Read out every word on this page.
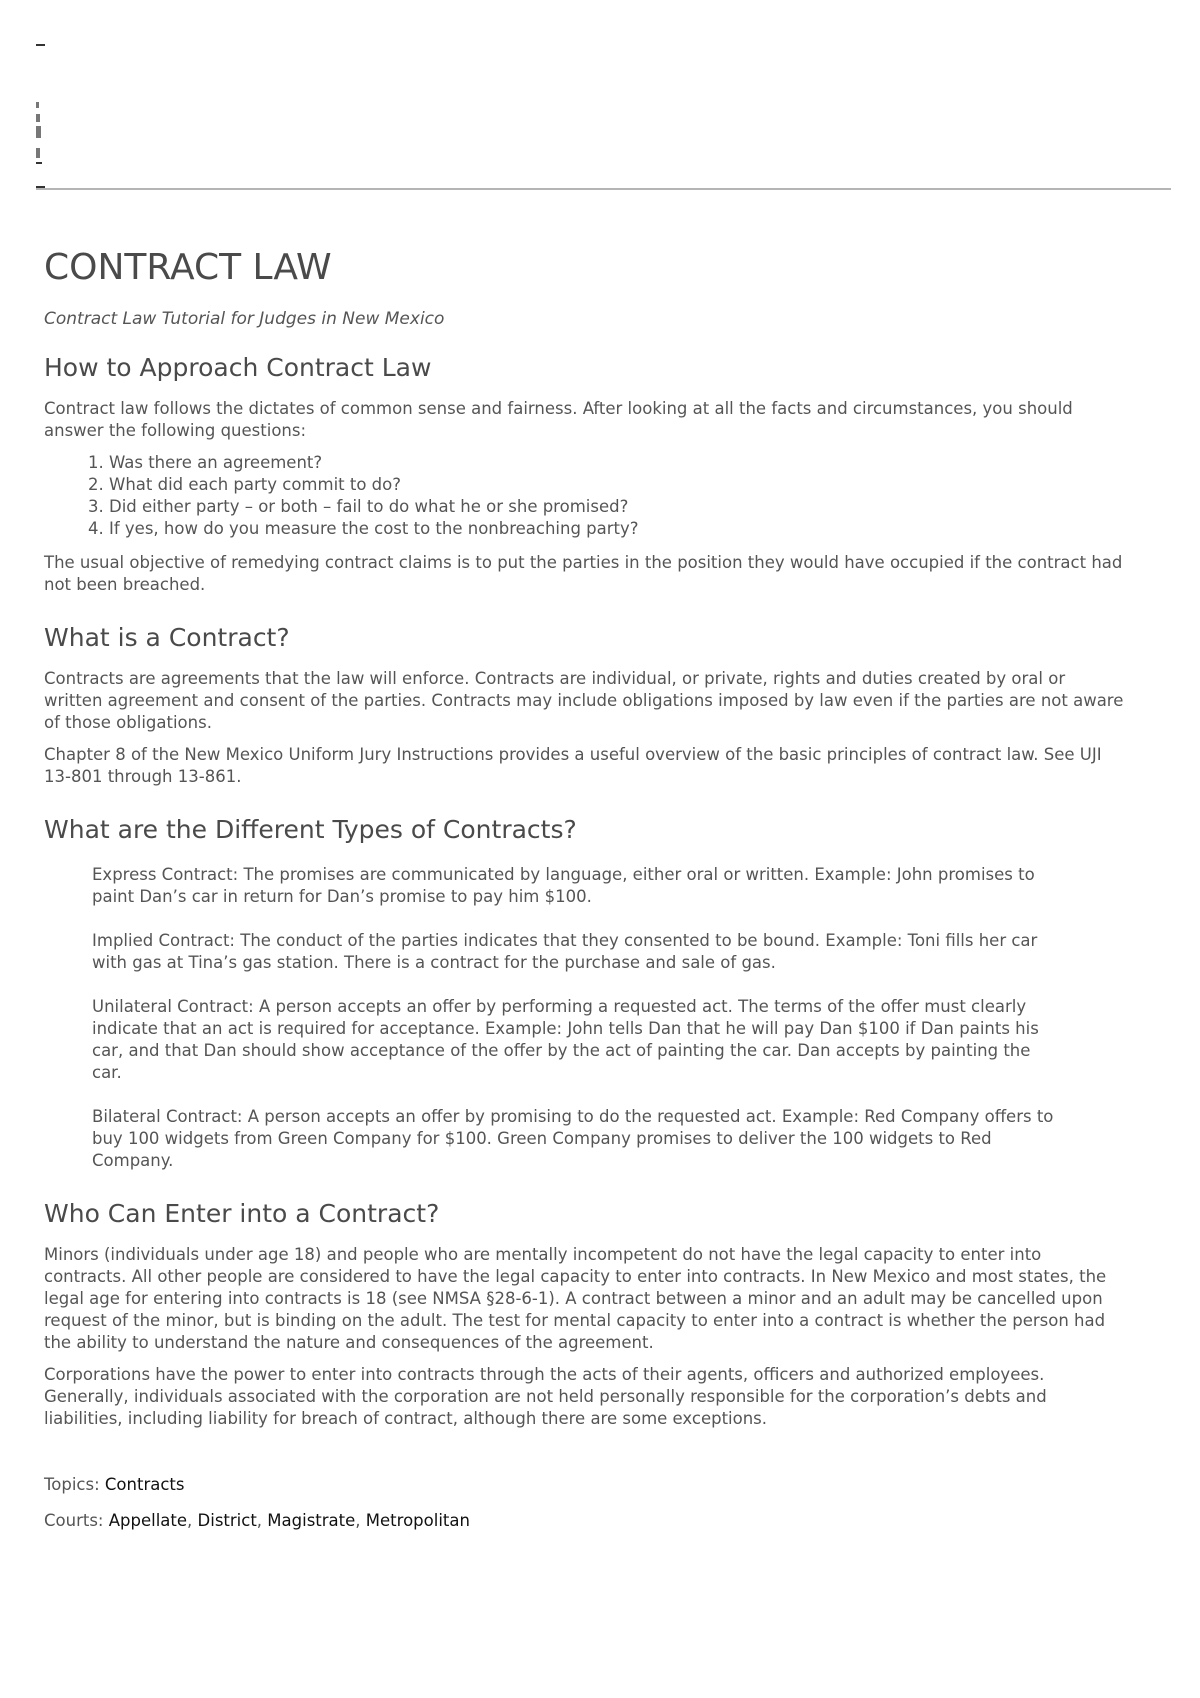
CONTRACT LAW
Contract Law Tutorial for Judges in New Mexico
How to Approach Contract Law

Contract law follows the dictates of common sense and fairness. After looking at all the facts and circumstances, you should answer the following questions:

1. Was there an agreement?
2. What did each party commit to do?
3. Did either party – or both – fail to do what he or she promised?
4. If yes, how do you measure the cost to the nonbreaching party?

The usual objective of remedying contract claims is to put the parties in the position they would have occupied if the contract had not been breached.

What is a Contract?

Contracts are agreements that the law will enforce. Contracts are individual, or private, rights and duties created by oral or written agreement and consent of the parties. Contracts may include obligations imposed by law even if the parties are not aware of those obligations.

Chapter 8 of the New Mexico Uniform Jury Instructions provides a useful overview of the basic principles of contract law. See UJI 13-801 through 13-861.

What are the Different Types of Contracts?

Express Contract: The promises are communicated by language, either oral or written. Example: John promises to paint Dan’s car in return for Dan’s promise to pay him $100.

Implied Contract: The conduct of the parties indicates that they consented to be bound. Example: Toni fills her car with gas at Tina’s gas station. There is a contract for the purchase and sale of gas.

Unilateral Contract: A person accepts an offer by performing a requested act. The terms of the offer must clearly indicate that an act is required for acceptance. Example: John tells Dan that he will pay Dan $100 if Dan paints his car, and that Dan should show acceptance of the offer by the act of painting the car. Dan accepts by painting the car.

Bilateral Contract: A person accepts an offer by promising to do the requested act. Example: Red Company offers to buy 100 widgets from Green Company for $100. Green Company promises to deliver the 100 widgets to Red Company.

Who Can Enter into a Contract?

Minors (individuals under age 18) and people who are mentally incompetent do not have the legal capacity to enter into contracts. All other people are considered to have the legal capacity to enter into contracts. In New Mexico and most states, the legal age for entering into contracts is 18 (see NMSA §28-6-1). A contract between a minor and an adult may be cancelled upon request of the minor, but is binding on the adult. The test for mental capacity to enter into a contract is whether the person had the ability to understand the nature and consequences of the agreement.

Corporations have the power to enter into contracts through the acts of their agents, officers and authorized employees. Generally, individuals associated with the corporation are not held personally responsible for the corporation’s debts and liabilities, including liability for breach of contract, although there are some exceptions.

Topics: Contracts

Courts: Appellate, District, Magistrate, Metropolitan
